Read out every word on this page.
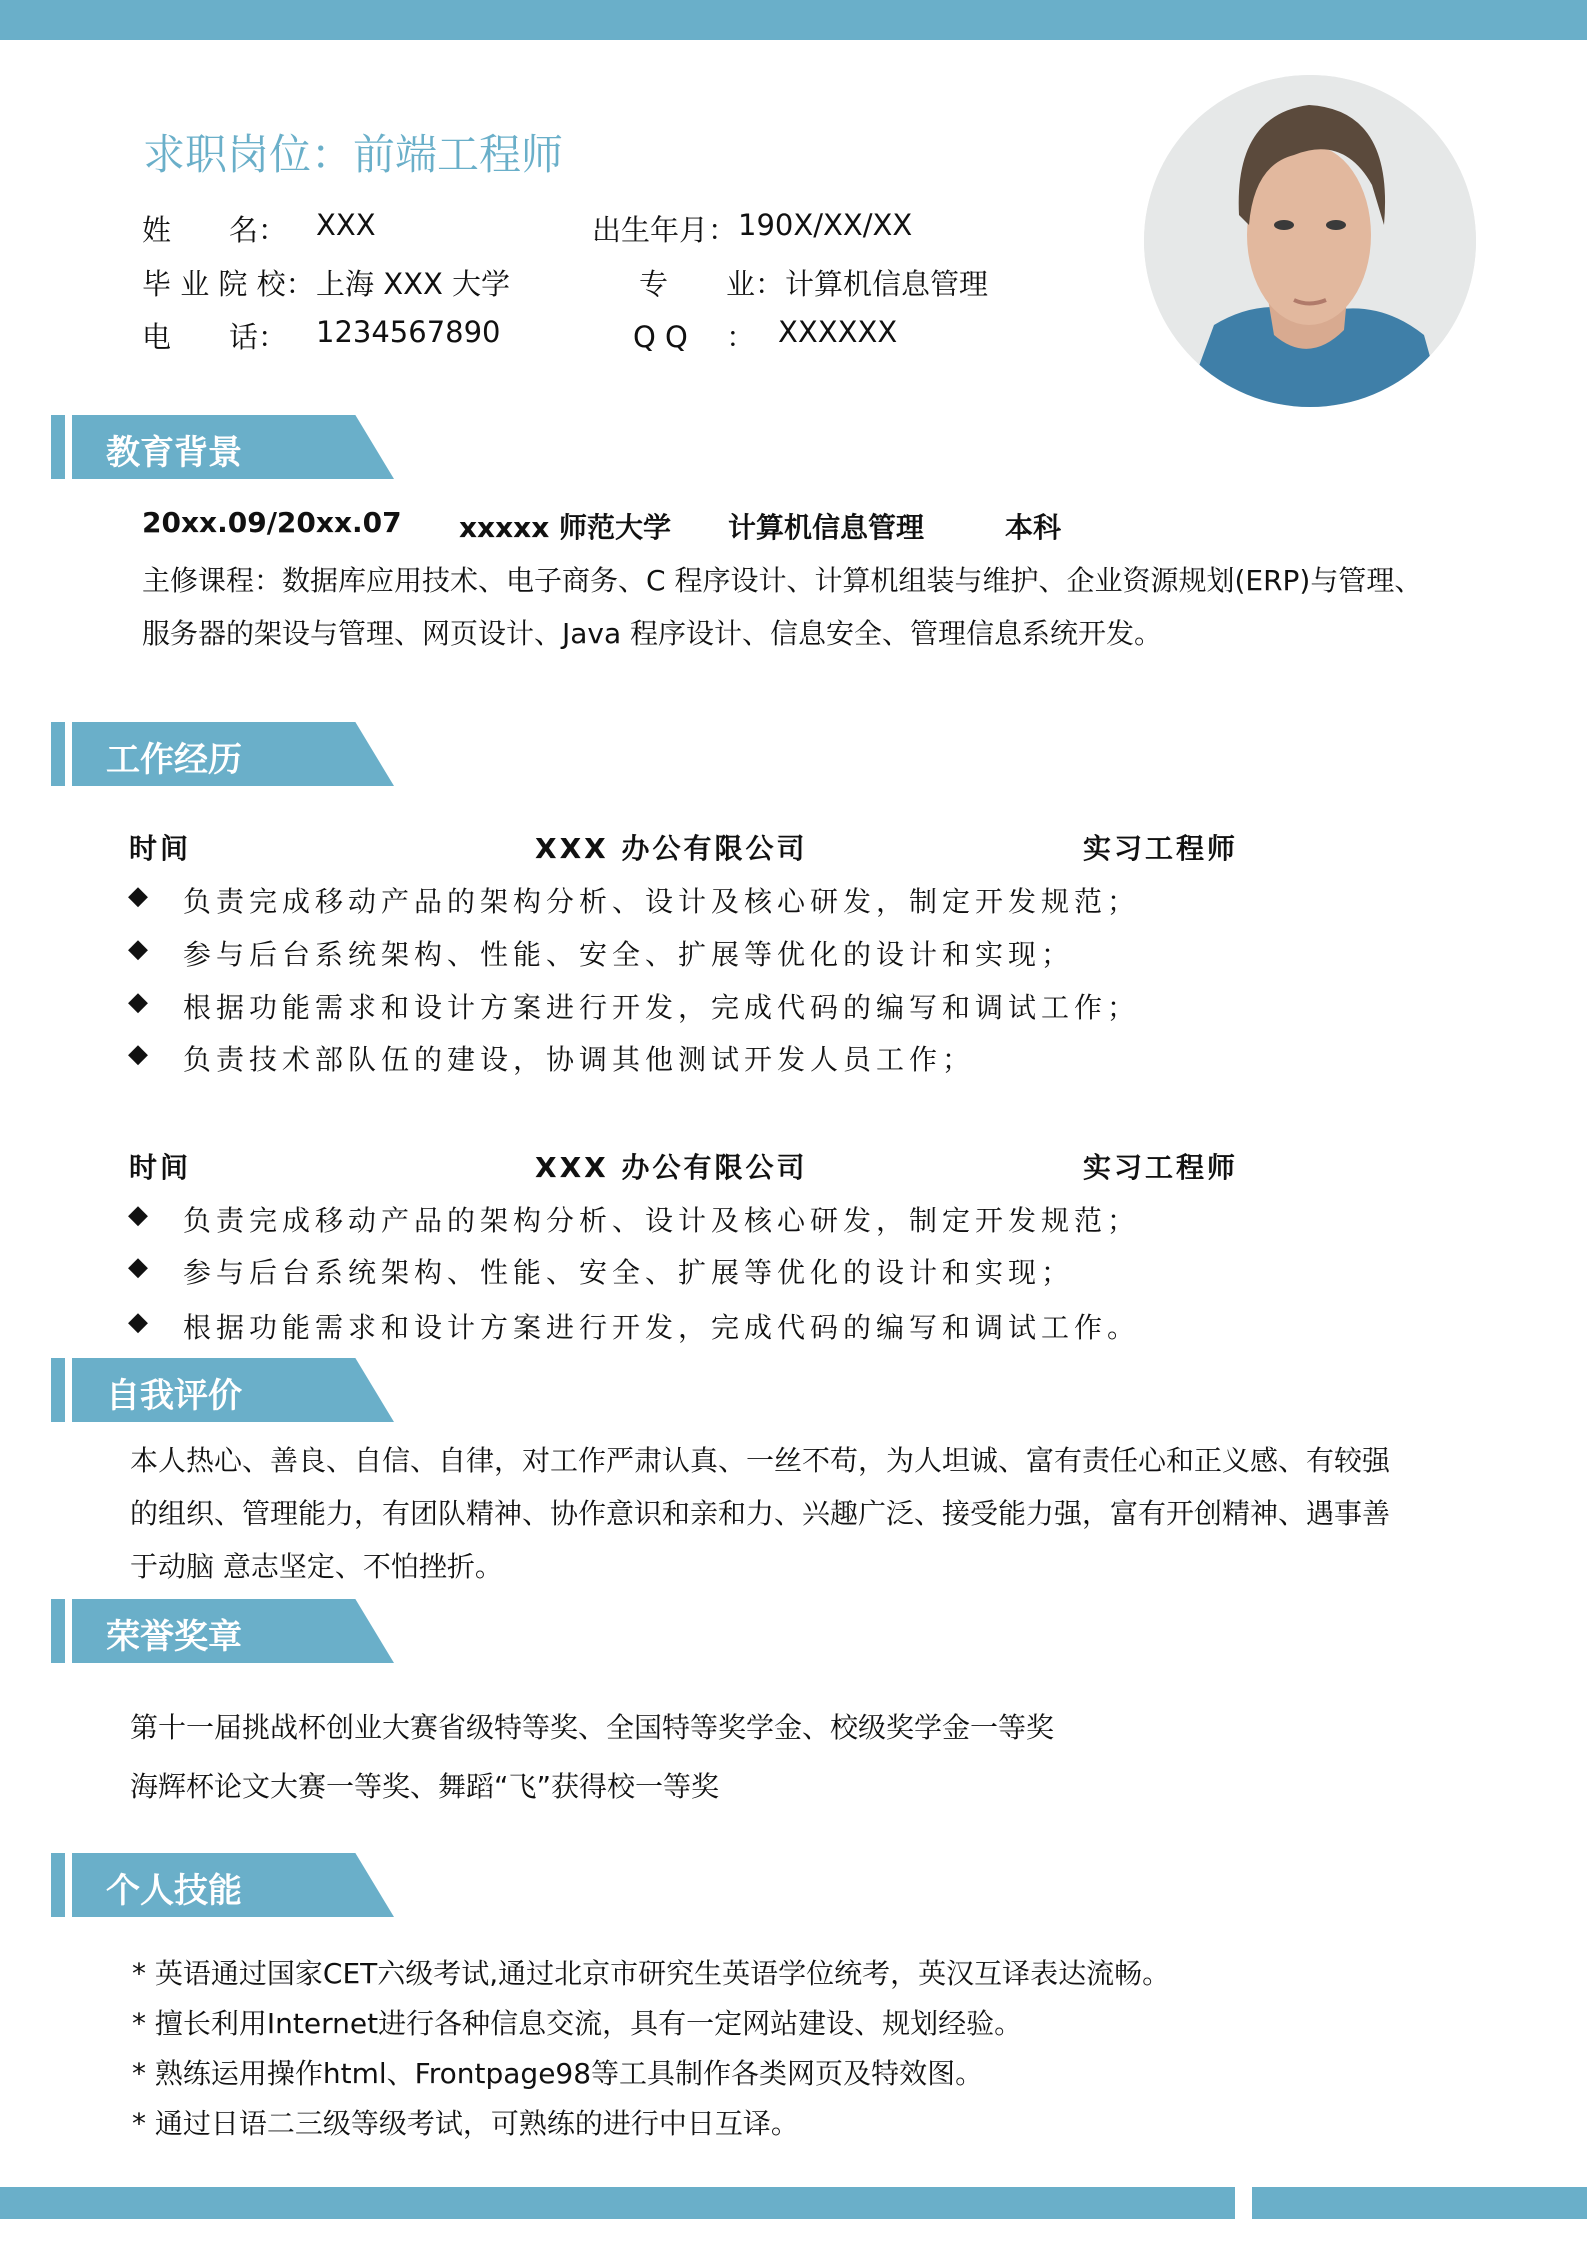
求职岗位：前端工程师
姓　　名： XXX	出生年月： 190X/XX/XX
毕 业 院 校： 上海 XXX 大学	专　　业： 计算机信息管理
电　　话： 1234567890	Q Q　 ： XXXXXX
教育背景
20xx.09/20xx.07 xxxxx 师范大学 计算机信息管理	本科
主修课程：数据库应用技术、电子商务、C 程序设计、计算机组装与维护、企业资源规划(ERP)与管理、
服务器的架设与管理、网页设计、Java 程序设计、信息安全、管理信息系统开发。
工作经历
时间	XXX 办公有限公司	实习工程师
◆ 负责完成移动产品的架构分析、设计及核心研发，制定开发规范；
◆ 参与后台系统架构、性能、安全、扩展等优化的设计和实现；
◆ 根据功能需求和设计方案进行开发，完成代码的编写和调试工作；
◆ 负责技术部队伍的建设，协调其他测试开发人员工作；
时间	XXX 办公有限公司	实习工程师
◆ 负责完成移动产品的架构分析、设计及核心研发，制定开发规范；
◆ 参与后台系统架构、性能、安全、扩展等优化的设计和实现；
◆ 根据功能需求和设计方案进行开发，完成代码的编写和调试工作。
自我评价
本人热心、善良、自信、自律，对工作严肃认真、一丝不苟，为人坦诚、富有责任心和正义感、有较强
的组织、管理能力，有团队精神、协作意识和亲和力、兴趣广泛、接受能力强，富有开创精神、遇事善
于动脑 意志坚定、不怕挫折。
荣誉奖章
第十一届挑战杯创业大赛省级特等奖、全国特等奖学金、校级奖学金一等奖
海辉杯论文大赛一等奖、舞蹈“飞”获得校一等奖
个人技能
* 英语通过国家CET六级考试,通过北京市研究生英语学位统考，英汉互译表达流畅。
* 擅长利用Internet进行各种信息交流，具有一定网站建设、规划经验。
* 熟练运用操作html、Frontpage98等工具制作各类网页及特效图。
* 通过日语二三级等级考试，可熟练的进行中日互译。
